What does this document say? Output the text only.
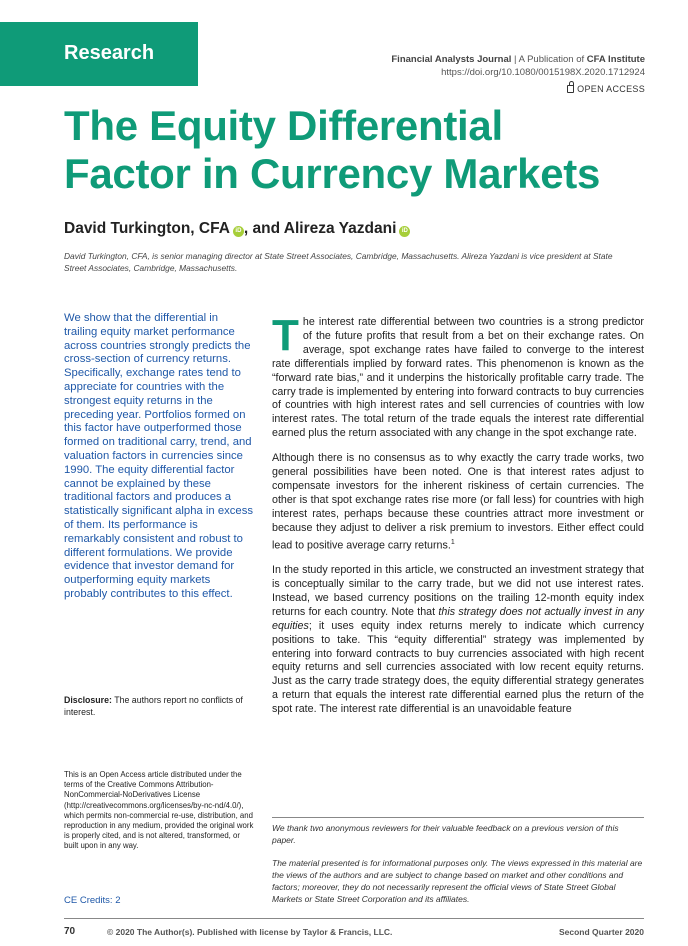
Research	Financial Analysts Journal | A Publication of CFA Institute
https://doi.org/10.1080/0015198X.2020.1712924
OPEN ACCESS
The Equity Differential
Factor in Currency Markets
David Turkington, CFA iD , and Alireza Yazdani iD
David Turkington, CFA, is senior managing director at State Street Associates, Cambridge, Massachusetts. Alireza Yazdani is vice president at State Street Associates, Cambridge, Massachusetts.
We show that the differential in trailing equity market performance across countries strongly predicts the cross-section of currency returns. Specifically, exchange rates tend to appreciate for countries with the strongest equity returns in the preceding year. Portfolios formed on this factor have outperformed those formed on traditional carry, trend, and valuation factors in currencies since 1990. The equity differential factor cannot be explained by these traditional factors and produces a statistically significant alpha in excess of them. Its performance is remarkably consistent and robust to different formulations. We provide evidence that investor demand for outperforming equity markets probably contributes to this effect.
Disclosure: The authors report no conflicts of interest.
This is an Open Access article distributed under the terms of the Creative Commons Attribution-NonCommercial-NoDerivatives License (http://creativecommons.org/licenses/by-nc-nd/4.0/), which permits non-commercial re-use, distribution, and reproduction in any medium, provided the original work is properly cited, and is not altered, transformed, or built upon in any way.
CE Credits: 2

The interest rate differential between two countries is a strong predictor of the future profits that result from a bet on their exchange rates. On average, spot exchange rates have failed to converge to the interest rate differentials implied by forward rates. This phenomenon is known as the “forward rate bias,” and it underpins the historically profitable carry trade. The carry trade is implemented by entering into forward contracts to buy currencies of countries with high interest rates and sell currencies of countries with low interest rates. The total return of the trade equals the interest rate differential earned plus the return associated with any change in the spot exchange rate.

Although there is no consensus as to why exactly the carry trade works, two general possibilities have been noted. One is that interest rates adjust to compensate investors for the inherent riskiness of certain currencies. The other is that spot exchange rates rise more (or fall less) for countries with high interest rates, perhaps because these countries attract more investment or because they adjust to deliver a risk premium to investors. Either effect could lead to positive average carry returns.$^1$

In the study reported in this article, we constructed an investment strategy that is conceptually similar to the carry trade, but we did not use interest rates. Instead, we based currency positions on the trailing 12-month equity index returns for each country. Note that this strategy does not actually invest in any equities; it uses equity index returns merely to indicate which currency positions to take. This “equity differential” strategy was implemented by entering into forward contracts to buy currencies associated with high recent equity returns and sell currencies associated with low recent equity returns. Just as the carry trade strategy does, the equity differential strategy generates a return that equals the interest rate differential earned plus the return of the spot rate. The interest rate differential is an unavoidable feature

We thank two anonymous reviewers for their valuable feedback on a previous version of this paper.
The material presented is for informational purposes only. The views expressed in this material are the views of the authors and are subject to change based on market and other conditions and factors; moreover, they do not necessarily represent the official views of State Street Global Markets or State Street Corporation and its affiliates.
70	© 2020 The Author(s). Published with license by Taylor & Francis, LLC.	Second Quarter 2020
